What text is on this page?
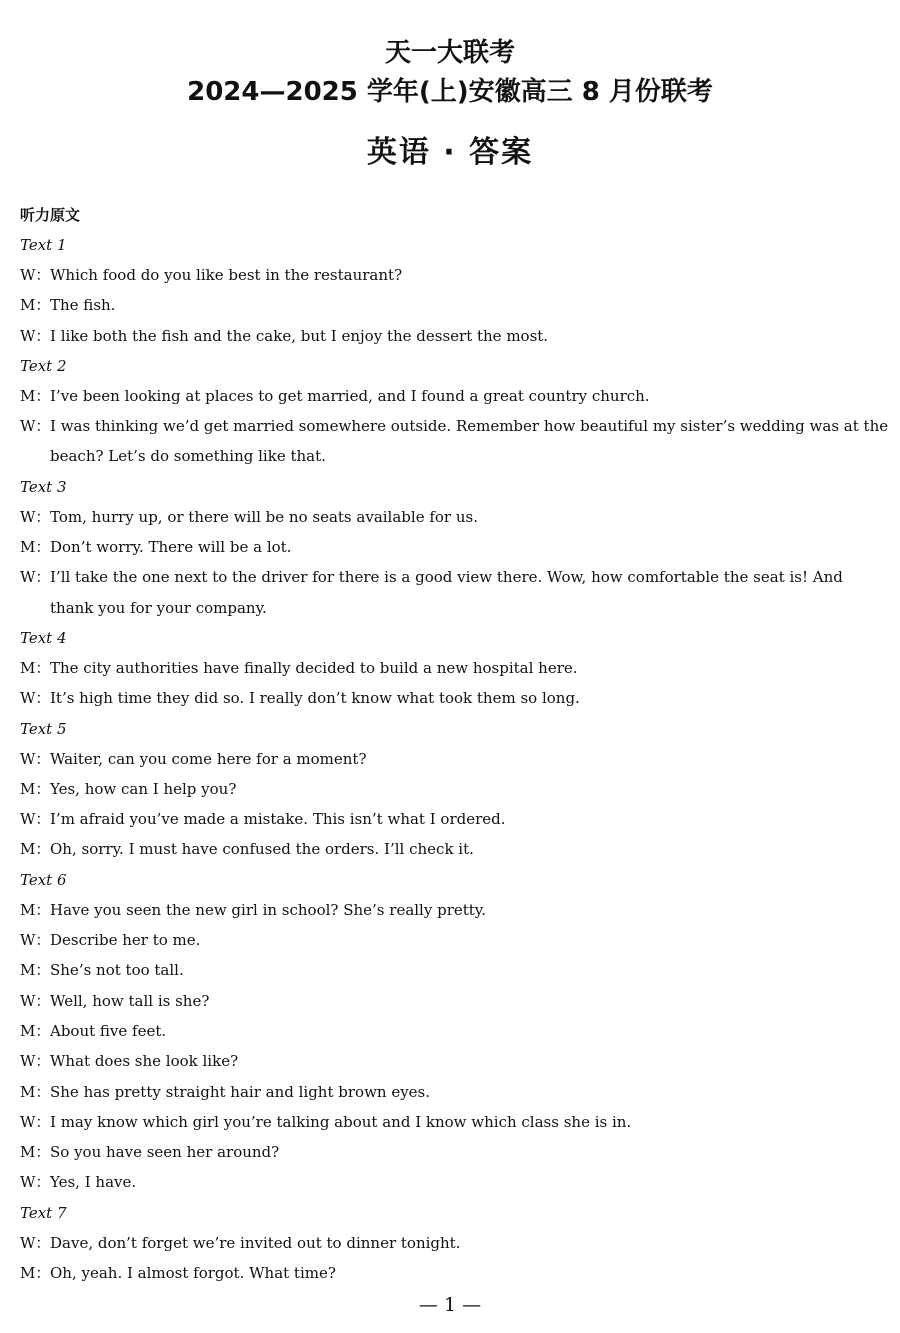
天一大联考
2024—2025 学年(上)安徽高三 8 月份联考
英语 · 答案
听力原文
Text 1
W：Which food do you like best in the restaurant?
M：The fish.
W：I like both the fish and the cake, but I enjoy the dessert the most.
Text 2
M：I’ve been looking at places to get married, and I found a great country church.
W：I was thinking we’d get married somewhere outside. Remember how beautiful my sister’s wedding was at the beach? Let’s do something like that.
Text 3
W：Tom, hurry up, or there will be no seats available for us.
M：Don’t worry. There will be a lot.
W：I’ll take the one next to the driver for there is a good view there. Wow, how comfortable the seat is! And thank you for your company.
Text 4
M：The city authorities have finally decided to build a new hospital here.
W：It’s high time they did so. I really don’t know what took them so long.
Text 5
W：Waiter, can you come here for a moment?
M：Yes, how can I help you?
W：I’m afraid you’ve made a mistake. This isn’t what I ordered.
M：Oh, sorry. I must have confused the orders. I’ll check it.
Text 6
M：Have you seen the new girl in school? She’s really pretty.
W：Describe her to me.
M：She’s not too tall.
W：Well, how tall is she?
M：About five feet.
W：What does she look like?
M：She has pretty straight hair and light brown eyes.
W：I may know which girl you’re talking about and I know which class she is in.
M：So you have seen her around?
W：Yes, I have.
Text 7
W：Dave, don’t forget we’re invited out to dinner tonight.
M：Oh, yeah. I almost forgot. What time?
— 1 —
